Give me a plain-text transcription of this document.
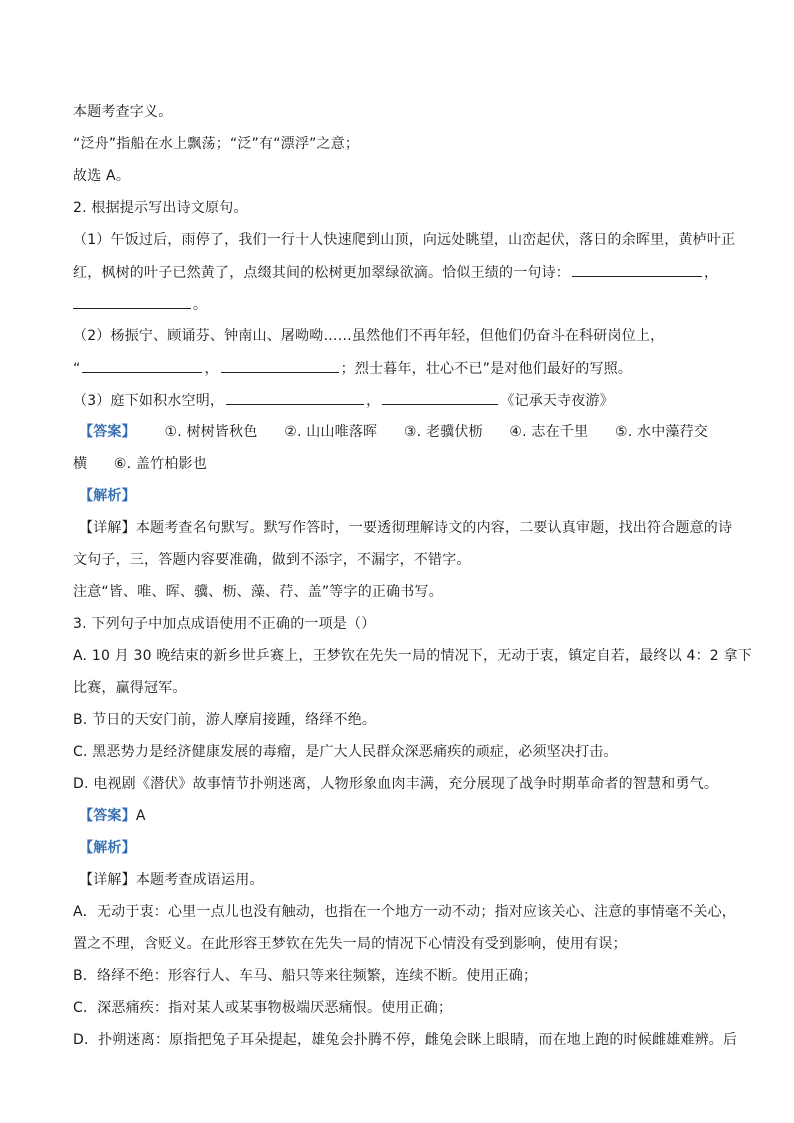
本题考查字义。
“泛舟”指船在水上飘荡；“泛”有“漂浮”之意；
故选 A。
2. 根据提示写出诗文原句。
（1）午饭过后，雨停了，我们一行十人快速爬到山顶，向远处眺望，山峦起伏，落日的余晖里，黄栌叶正
红，枫树的叶子已然黄了，点缀其间的松树更加翠绿欲滴。恰似王绩的一句诗：	，
。
（2）杨振宁、顾诵芬、钟南山、屠呦呦……虽然他们不再年轻，但他们仍奋斗在科研岗位上，
“	，	；烈士暮年，壮心不已”是对他们最好的写照。
（3）庭下如积水空明，	，	《记承天寺夜游》
【答案】 ①. 树树皆秋色 ②. 山山唯落晖 ③. 老骥伏枥 ④. 志在千里 ⑤. 水中藻荇交
横 ⑥. 盖竹柏影也
【解析】
【详解】本题考查名句默写。默写作答时，一要透彻理解诗文的内容，二要认真审题，找出符合题意的诗
文句子，三，答题内容要准确，做到不添字，不漏字，不错字。
注意“皆、唯、晖、骥、枥、藻、荇、盖”等字的正确书写。
3. 下列句子中加点成语使用不正确的一项是（）
A. 10 月 30 晚结束的新乡世乒赛上，王梦钦在先失一局的情况下，无动于衷，镇定自若，最终以 4：2 拿下
比赛，赢得冠军。
B. 节日的天安门前，游人摩肩接踵，络绎不绝。
C. 黑恶势力是经济健康发展的毒瘤，是广大人民群众深恶痛疾的顽症，必须坚决打击。
D. 电视剧《潜伏》故事情节扑朔迷离，人物形象血肉丰满，充分展现了战争时期革命者的智慧和勇气。
【答案】A
【解析】
【详解】本题考查成语运用。
A．无动于衷：心里一点儿也没有触动，也指在一个地方一动不动；指对应该关心、注意的事情毫不关心，
置之不理，含贬义。在此形容王梦钦在先失一局的情况下心情没有受到影响，使用有误；
B．络绎不绝：形容行人、车马、船只等来往频繁，连续不断。使用正确；
C．深恶痛疾：指对某人或某事物极端厌恶痛恨。使用正确；
D．扑朔迷离：原指把兔子耳朵提起，雄兔会扑腾不停，雌兔会眯上眼睛，而在地上跑的时候雌雄难辨。后
